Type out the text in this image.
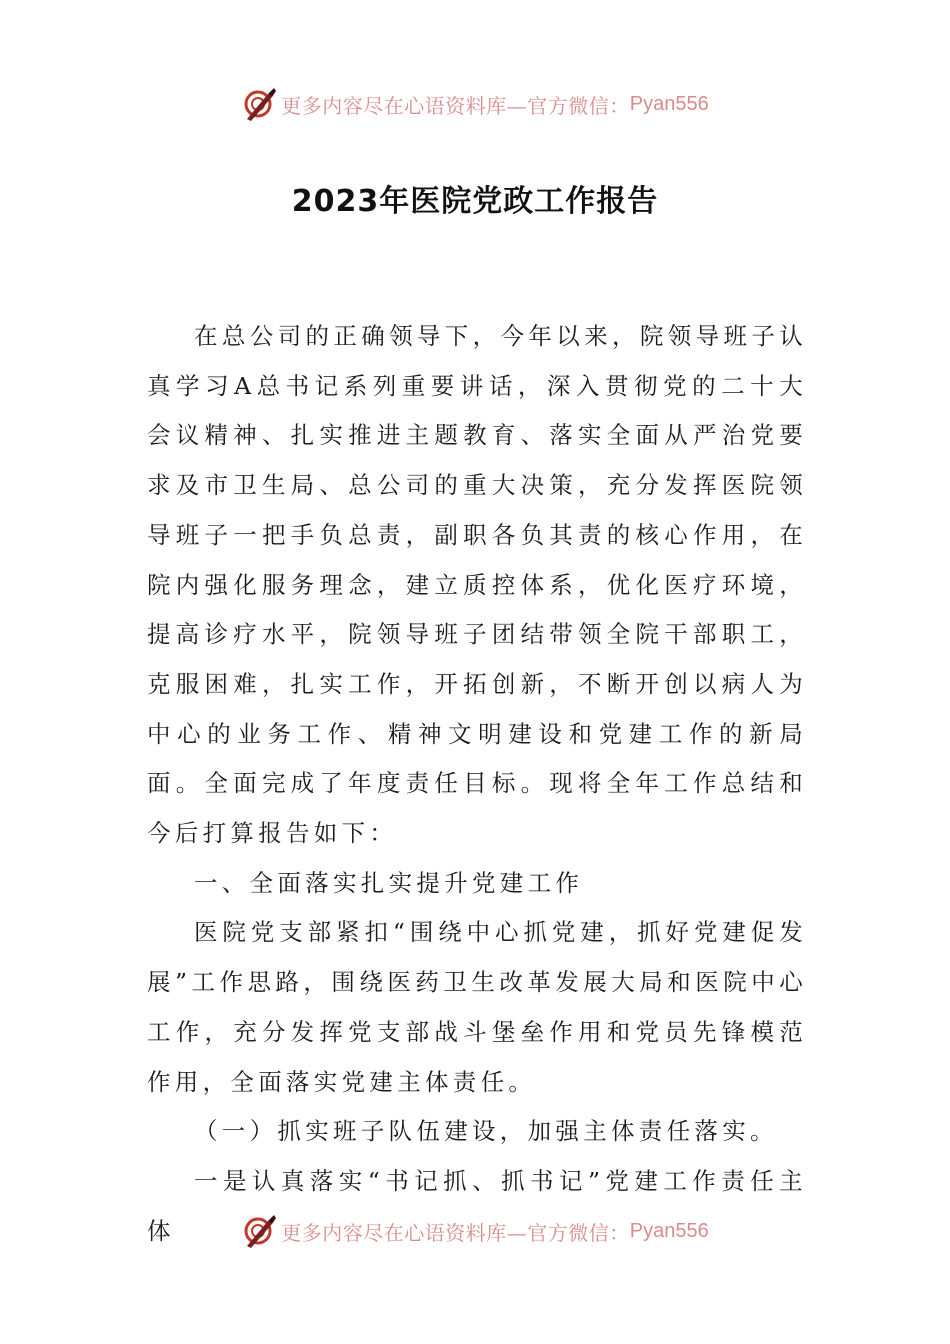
更多内容尽在心语资料库—官方微信： Pyan556
2023年医院党政工作报告

在总公司的正确领导下，今年以来，院领导班子认真学习A总书记系列重要讲话，深入贯彻党的二十大会议精神、扎实推进主题教育、落实全面从严治党要求及市卫生局、总公司的重大决策，充分发挥医院领导班子一把手负总责，副职各负其责的核心作用，在院内强化服务理念，建立质控体系，优化医疗环境，提高诊疗水平，院领导班子团结带领全院干部职工，克服困难，扎实工作，开拓创新，不断开创以病人为中心的业务工作、精神文明建设和党建工作的新局面。全面完成了年度责任目标。现将全年工作总结和今后打算报告如下：

一、全面落实扎实提升党建工作

医院党支部紧扣“围绕中心抓党建，抓好党建促发展”工作思路，围绕医药卫生改革发展大局和医院中心工作，充分发挥党支部战斗堡垒作用和党员先锋模范作用，全面落实党建主体责任。

（一）抓实班子队伍建设，加强主体责任落实。

一是认真落实“书记抓、抓书记”党建工作责任主体	更多内容尽在心语资料库—官方微信： Pyan556
